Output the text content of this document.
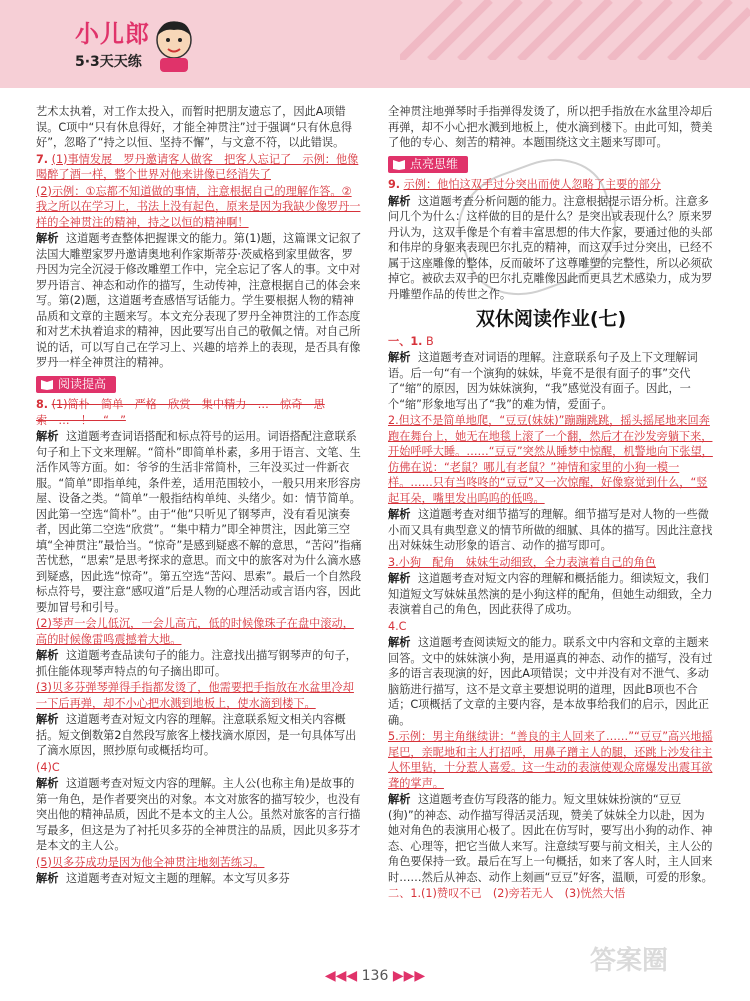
小儿郎
5·3天天练

艺术太执着，对工作太投入，而暂时把朋友遗忘了，因此A项错误。C项中“只有休息得好，才能全神贯注”过于强调“只有休息得好”，忽略了“持之以恒、坚持不懈”，与文意不符，以此错误。

7. (1)事情发展　罗丹邀请客人做客　把客人忘记了　示例：他像喝醉了酒一样，整个世界对他来讲像已经消失了

(2)示例：①忘都不知道做的事情，注意根据自己的理解作答。②我之所以在学习上，书法上没有起色，原来是因为我缺少像罗丹一样的全神贯注的精神，持之以恒的精神啊！

解析 这道题考查整体把握课文的能力。第(1)题，这篇课文记叙了法国大雕塑家罗丹邀请奥地利作家斯蒂芬·茨威格到家里做客，罗丹因为完全沉浸于修改雕塑工作中，完全忘记了客人的事。文中对罗丹语言、神态和动作的描写，生动传神，注意根据自己的体会来写。第(2)题，这道题考查感悟写话能力。学生要根据人物的精神品质和文章的主题来写。本文充分表现了罗丹全神贯注的工作态度和对艺术执着追求的精神，因此要写出自己的敬佩之情。对自己所说的话，可以写自己在学习上、兴趣的培养上的表现，是否具有像罗丹一样全神贯注的精神。

阅读提高

8. (1)简朴　简单　严格　欣赏　集中精力　…　惊奇　思索　…　！　“　”

解析 这道题考查词语搭配和标点符号的运用。词语搭配注意联系句子和上下文来理解。“简朴”即简单朴素，多用于语言、文笔、生活作风等方面。如：爷爷的生活非常简朴，三年没买过一件新衣服。“简单”即指单纯，条件差，适用范围较小，一般只用来形容房屋、设备之类。“简单”一般指结构单纯、头绪少。如：情节简单。因此第一空选“简朴”。由于“他”只听见了钢琴声，没有看见演奏者，因此第二空选“欣赏”。“集中精力”即全神贯注，因此第三空填“全神贯注”最恰当。“惊奇”是感到疑惑不解的意思，“苦闷”指痛苦忧愁，“思索”是思考探求的意思。而文中的旅客对为什么滴水感到疑惑，因此选“惊奇”。第五空选“苦闷、思索”。最后一个自然段标点符号，要注意“感叹道”后是人物的心理活动或言语内容，因此要加冒号和引号。

(2)琴声一会儿低沉，一会儿高亢，低的时候像珠子在盘中滚动，高的时候像雷鸣震撼着大地。

解析 这道题考查品读句子的能力。注意找出描写钢琴声的句子，抓住能体现琴声特点的句子摘出即可。

(3)贝多芬弹琴弹得手指都发烫了，他需要把手指放在水盆里冷却一下后再弹，却不小心把水溅到地板上，使水滴到楼下。

解析 这道题考查对短文内容的理解。注意联系短文相关内容概括。短文倒数第2自然段写旅客上楼找滴水原因，是一句具体写出了滴水原因，照抄原句或概括均可。

(4)C

解析 这道题考查对短文内容的理解。主人公(也称主角)是故事的第一角色，是作者要突出的对象。本文对旅客的描写较少，也没有突出他的精神品质，因此不是本文的主人公。虽然对旅客的言行描写最多，但这是为了衬托贝多芬的全神贯注的品质，因此贝多芬才是本文的主人公。

(5)贝多芬成功是因为他全神贯注地刻苦练习。

解析 这道题考查对短文主题的理解。本文写贝多芬

全神贯注地弹琴时手指弹得发烫了，所以把手指放在水盆里冷却后再弹，却不小心把水溅到地板上，使水滴到楼下。由此可知，赞美了他的专心、刻苦的精神。本题围绕这文主题来写即可。

点亮思维

9. 示例：他怕这双手过分突出而使人忽略了主要的部分

解析 这道题考查分析问题的能力。注意根据提示语分析。注意多问几个为什么：这样做的目的是什么？是突出或表现什么？原来罗丹认为，这双手像是个有着丰富思想的伟大作家，要通过他的头部和伟岸的身躯来表现巴尔扎克的精神，而这双手过分突出，已经不属于这座雕像的整体，反而破坏了这尊雕塑的完整性，所以必须砍掉它。被砍去双手的巴尔扎克雕像因此而更具艺术感染力，成为罗丹雕塑作品的传世之作。

双休阅读作业(七)

一、1. B

解析 这道题考查对词语的理解。注意联系句子及上下文理解词语。后一句“有一个演狗的妹妹，毕竟不是很有面子的事”交代了“缩”的原因，因为妹妹演狗，“我”感觉没有面子。因此，一个“缩”形象地写出了“我”的难为情，爱面子。

2.但这不是简单地爬，“豆豆(妹妹)”蹦蹦跳跳，摇头摇尾地来回奔跑在舞台上，她无在地毯上滚了一个翻，然后才在沙发旁躺下来，开始呼呼大睡。……“豆豆”突然从睡梦中惊醒，机警地向下张望，仿佛在说：“老鼠？哪儿有老鼠？”神情和家里的小狗一模一样。……只有当咚咚的“豆豆”又一次惊醒，好像察觉到什么，“竖起耳朵，嘴里发出呜呜的低鸣。

解析 这道题考查对细节描写的理解。细节描写是对人物的一些微小而又具有典型意义的情节所做的细腻、具体的描写。因此注意找出对妹妹生动形象的语言、动作的描写即可。

3.小狗　配角　妹妹生动细致，全力表演着自己的角色

解析 这道题考查对短文内容的理解和概括能力。细读短文，我们知道短文写妹妹虽然演的是小狗这样的配角，但她生动细致，全力表演着自己的角色，因此获得了成功。

4.C

解析 这道题考查阅读短文的能力。联系文中内容和文章的主题来回答。文中的妹妹演小狗，是用逼真的神态、动作的描写，没有过多的语言表现演的好，因此A项错误；文中并没有对不泄气、多动脑筋进行描写，这不是文章主要想说明的道理，因此B项也不合适；C项概括了文章的主要内容，是本故事给我们的启示，因此正确。

5.示例：男主角继续讲：“善良的主人回来了……”“豆豆”高兴地摇尾巴，亲昵地和主人打招呼，用鼻子蹭主人的腿，还跳上沙发往主人怀里钻，十分惹人喜爱。这一生动的表演使观众席爆发出震耳欲聋的掌声。

解析 这道题考查仿写段落的能力。短文里妹妹扮演的“豆豆(狗)”的神态、动作描写得活灵活现，赞美了妹妹全力以赴，因为她对角色的表演用心极了。因此在仿写时，要写出小狗的动作、神态、心理等，把它当做人来写。注意续写要与前文相关，主人公的角色要保持一致。最后在写上一句概括，如来了客人时，主人回来时……然后从神态、动作上刻画“豆豆”好客，温顺，可爱的形象。

二、1.(1)赞叹不已　(2)旁若无人　(3)恍然大悟

◀◀◀ 136 ▶▶▶	答案圈
